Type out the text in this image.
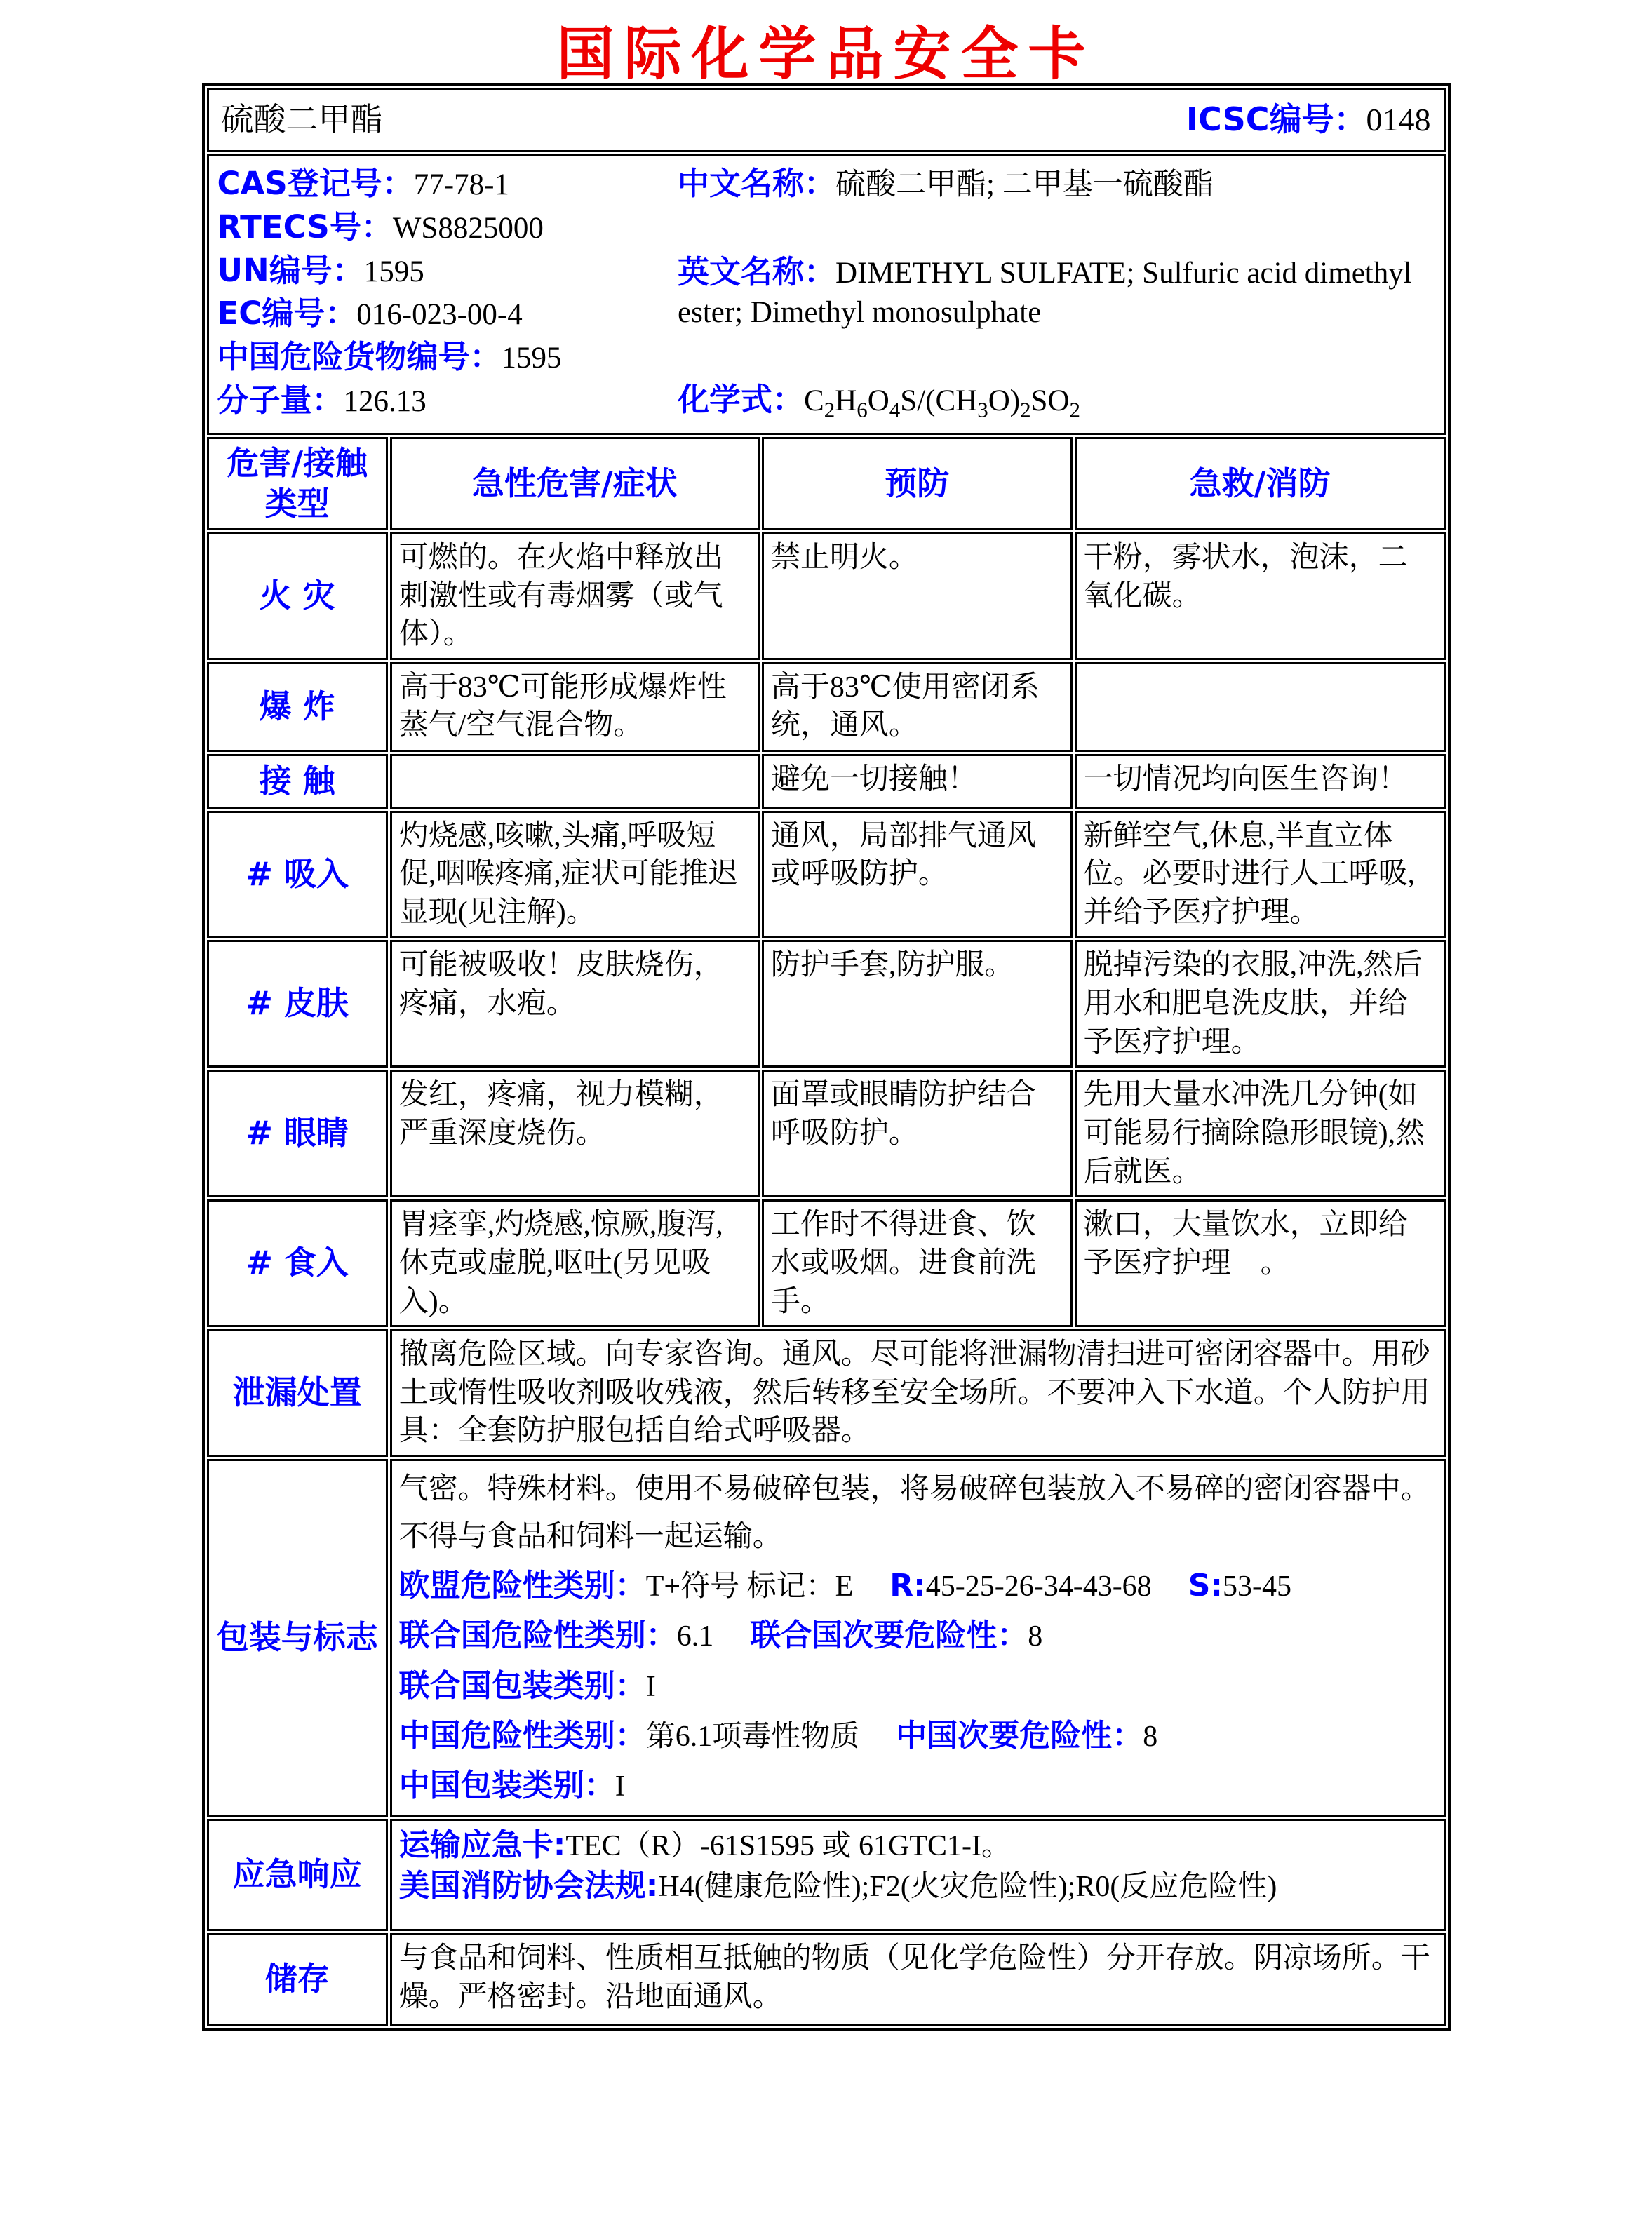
国际化学品安全卡
硫酸二甲酯 ICSC编号：0148			

CAS登记号：77-78-1
RTECS号：WS8825000
UN编号：1595
EC编号：016-023-00-4
中国危险货物编号：1595
分子量：126.13
中文名称：硫酸二甲酯; 二甲基一硫酸酯
英文名称：DIMETHYL SULFATE; Sulfuric acid dimethyl ester; Dimethyl monosulphate
化学式：$C_2H_6O_4S/(CH_3O)_2SO_2$

危害/接触
类型	急性危害/症状	预防	急救/消防
火 灾	可燃的。在火焰中释放出刺激性或有毒烟雾（或气体）。	禁止明火。	干粉，雾状水，泡沫，二氧化碳。
爆 炸	高于83℃可能形成爆炸性蒸气/空气混合物。	高于83℃使用密闭系统，通风。	
接 触		避免一切接触！	一切情况均向医生咨询！
# 吸入	灼烧感,咳嗽,头痛,呼吸短促,咽喉疼痛,症状可能推迟显现(见注解)。	通风，局部排气通风或呼吸防护。	新鲜空气,休息,半直立体位。必要时进行人工呼吸,并给予医疗护理。
# 皮肤	可能被吸收！皮肤烧伤，疼痛，水疱。	防护手套,防护服。	脱掉污染的衣服,冲洗,然后用水和肥皂洗皮肤，并给予医疗护理。
# 眼睛	发红，疼痛，视力模糊，严重深度烧伤。	面罩或眼睛防护结合呼吸防护。	先用大量水冲洗几分钟(如可能易行摘除隐形眼镜),然后就医。
# 食入	胃痉挛,灼烧感,惊厥,腹泻,休克或虚脱,呕吐(另见吸入)。	工作时不得进食、饮水或吸烟。进食前洗手。	漱口，大量饮水，立即给予医疗护理　。
泄漏处置	撤离危险区域。向专家咨询。通风。尽可能将泄漏物清扫进可密闭容器中。用砂土或惰性吸收剂吸收残液，然后转移至安全场所。不要冲入下水道。个人防护用具：全套防护服包括自给式呼吸器。		
包装与标志	
气密。特殊材料。使用不易破碎包装，将易破碎包装放入不易碎的密闭容器中。不得与食品和饲料一起运输。
欧盟危险性类别：T+符号 标记：E R:45-25-26-34-43-68 S:53-45
联合国危险性类别：6.1 联合国次要危险性：8
联合国包装类别：I
中国危险性类别：第6.1项毒性物质 中国次要危险性：8
中国包装类别：I

应急响应	运输应急卡:TEC（R）-61S1595 或 61GTC1-I。
美国消防协会法规:H4(健康危险性);F2(火灾危险性);R0(反应危险性)		

储存	与食品和饲料、性质相互抵触的物质（见化学危险性）分开存放。阴凉场所。干燥。严格密封。沿地面通风。		
